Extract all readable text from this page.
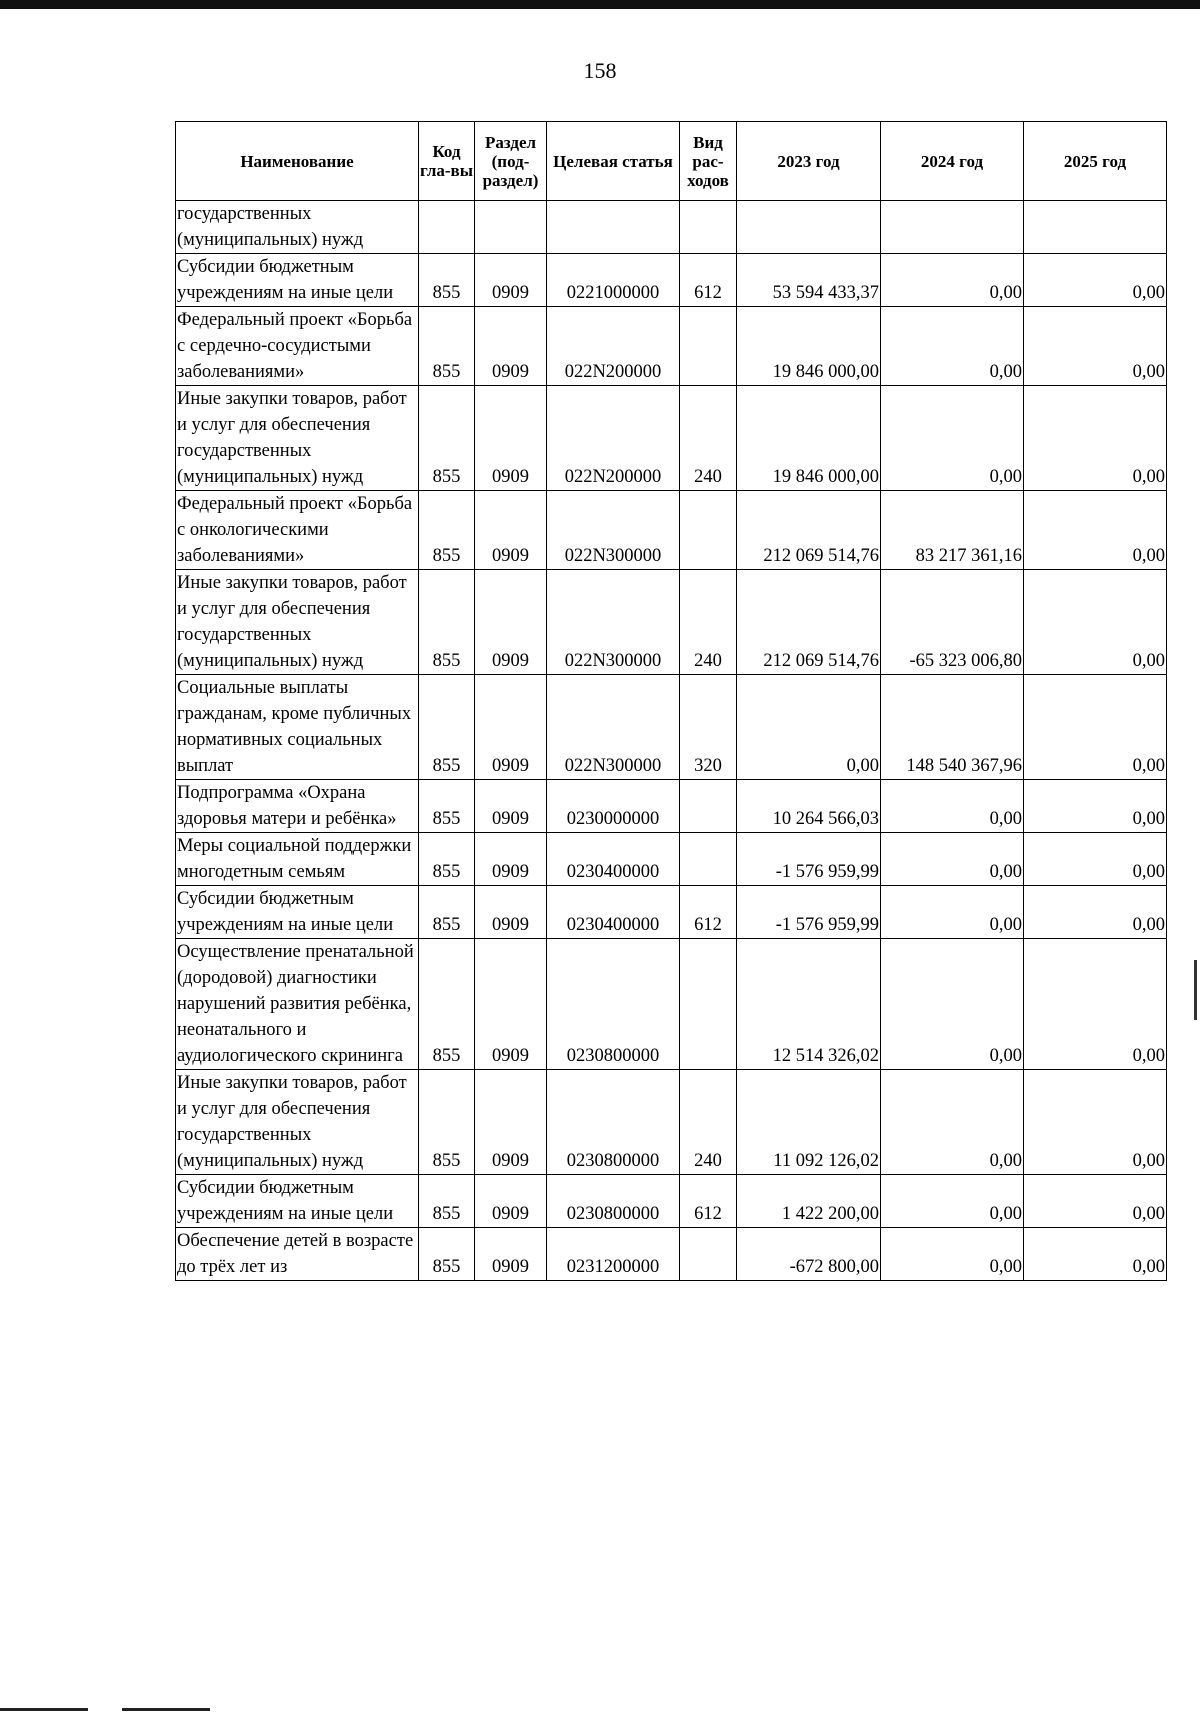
158
Наименование	Код гла-вы	Раздел (под-раздел)	Целевая статья	Вид рас-ходов	2023 год	2024 год	2025 год
государственных (муниципальных) нужд							
Субсидии бюджетным учреждениям на иные цели	855	0909	0221000000	612	53 594 433,37	0,00	0,00
Федеральный проект «Борьба с сердечно-сосудистыми заболеваниями»	855	0909	022N200000		19 846 000,00	0,00	0,00
Иные закупки товаров, работ и услуг для обеспечения государственных (муниципальных) нужд	855	0909	022N200000	240	19 846 000,00	0,00	0,00
Федеральный проект «Борьба с онкологическими заболеваниями»	855	0909	022N300000		212 069 514,76	83 217 361,16	0,00
Иные закупки товаров, работ и услуг для обеспечения государственных (муниципальных) нужд	855	0909	022N300000	240	212 069 514,76	-65 323 006,80	0,00
Социальные выплаты гражданам, кроме публичных нормативных социальных выплат	855	0909	022N300000	320	0,00	148 540 367,96	0,00
Подпрограмма «Охрана здоровья матери и ребёнка»	855	0909	0230000000		10 264 566,03	0,00	0,00
Меры социальной поддержки многодетным семьям	855	0909	0230400000		-1 576 959,99	0,00	0,00
Субсидии бюджетным учреждениям на иные цели	855	0909	0230400000	612	-1 576 959,99	0,00	0,00
Осуществление пренатальной (дородовой) диагностики нарушений развития ребёнка, неонатального и аудиологического скрининга	855	0909	0230800000		12 514 326,02	0,00	0,00
Иные закупки товаров, работ и услуг для обеспечения государственных (муниципальных) нужд	855	0909	0230800000	240	11 092 126,02	0,00	0,00
Субсидии бюджетным учреждениям на иные цели	855	0909	0230800000	612	1 422 200,00	0,00	0,00
Обеспечение детей в возрасте до трёх лет из	855	0909	0231200000		-672 800,00	0,00	0,00
